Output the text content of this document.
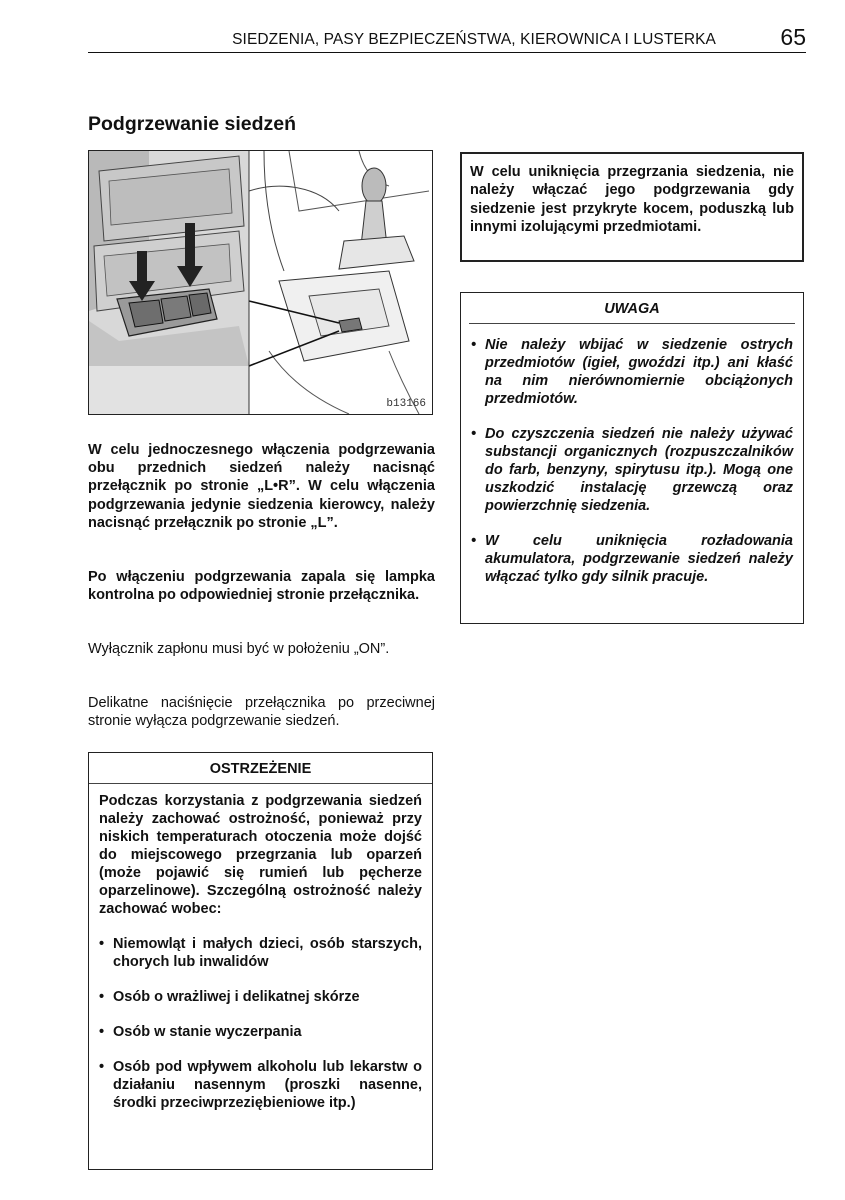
SIEDZENIA, PASY BEZPIECZEŃSTWA, KIEROWNICA I LUSTERKA	65
Podgrzewanie siedzeń
b13166

W celu jednoczesnego włączenia podgrzewania obu przednich siedzeń należy nacisnąć przełącznik po stronie „L•R”. W celu włączenia podgrzewania jedynie siedzenia kierowcy, należy nacisnąć przełącznik po stronie „L”.

Po włączeniu podgrzewania zapala się lampka kontrolna po odpowiedniej stronie przełącznika.

Wyłącznik zapłonu musi być w położeniu „ON”.

Delikatne naciśnięcie przełącznika po przeciwnej stronie wyłącza podgrzewanie siedzeń.

OSTRZEŻENIE
Podczas korzystania z podgrzewania siedzeń należy zachować ostrożność, ponieważ przy niskich temperaturach otoczenia może dojść do miejscowego przegrzania lub oparzeń (może pojawić się rumień lub pęcherze oparzelinowe). Szczególną ostrożność należy zachować wobec:
• Niemowląt i małych dzieci, osób starszych, chorych lub inwalidów
• Osób o wrażliwej i delikatnej skórze
• Osób w stanie wyczerpania
• Osób pod wpływem alkoholu lub lekarstw o działaniu nasennym (proszki nasenne, środki przeciwprzeziębieniowe itp.)
W celu uniknięcia przegrzania siedzenia, nie należy włączać jego podgrzewania gdy siedzenie jest przykryte kocem, poduszką lub innymi izolującymi przedmiotami.
UWAGA
• Nie należy wbijać w siedzenie ostrych przedmiotów (igieł, gwoździ itp.) ani kłaść na nim nierównomiernie obciążonych przedmiotów.
• Do czyszczenia siedzeń nie należy używać substancji organicznych (rozpuszczalników do farb, benzyny, spirytusu itp.). Mogą one uszkodzić instalację grzewczą oraz powierzchnię siedzenia.
• W celu uniknięcia rozładowania akumulatora, podgrzewanie siedzeń należy włączać tylko gdy silnik pracuje.
